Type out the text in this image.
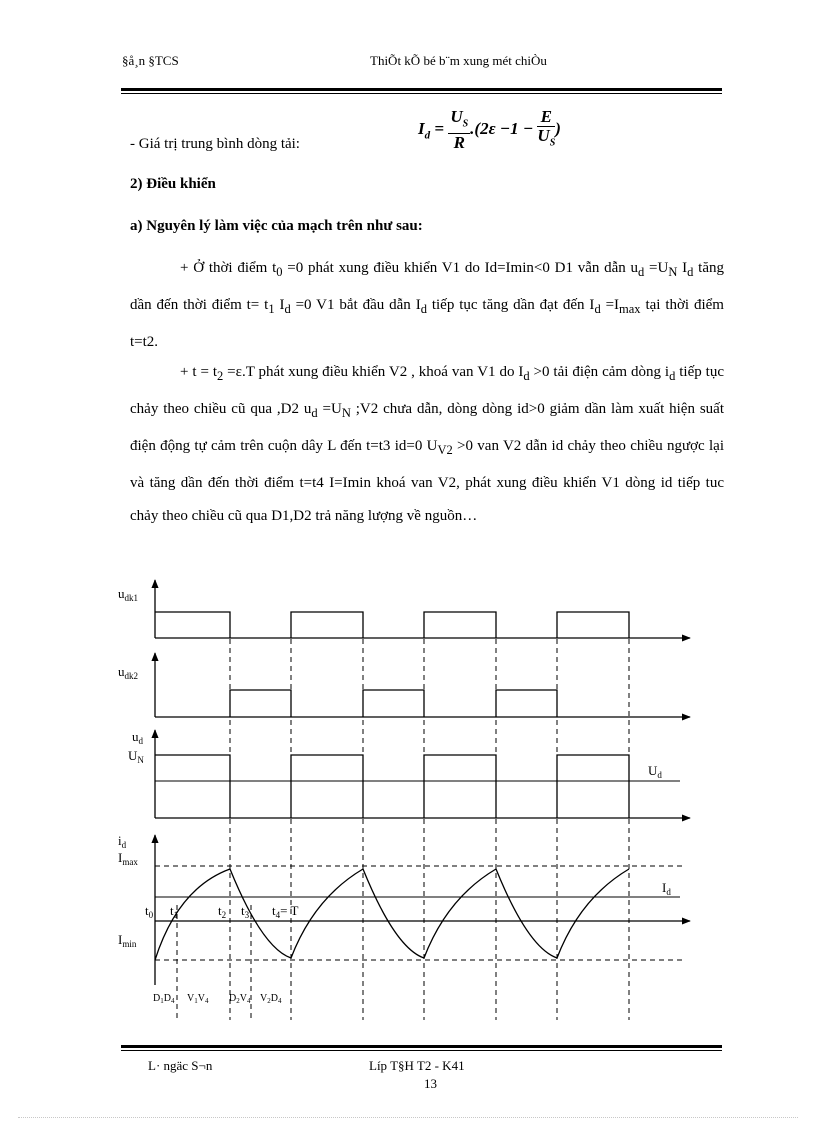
§å¸n §TCS	ThiÕt kÕ bé b¨m xung mét chiÒu
- Giá trị trung bình dòng tải:
$I_d = \frac{U_S}{R} .(2\varepsilon -1 - \frac{E}{U_S}$ )
2) Điều khiển
a) Nguyên lý làm việc của mạch trên như sau:
+ Ở thời điểm $t_0 =0$ phát xung điều khiển V1 do Id=Imin<0 D1 vẫn dẫn $u_d =U_N$ $I_d$ tăng dần đến thời điểm $t= t_1$ $I_d =0$ V1 bắt đầu dẫn $I_d$ tiếp tục tăng dần đạt đến $I_d =I_{max}$ tại thời điểm t=t2.
+ $t = t_2 =\varepsilon.T$ phát xung điều khiển V2 , khoá van V1 do $I_d >0$ tải điện cảm dòng $i_d$ tiếp tục chảy theo chiều cũ qua ,D2 $u_d =U_N$ ;V2 chưa dẫn, dòng dòng id>0 giảm dần làm xuất hiện suất điện động tự cảm trên cuộn dây L đến t=t3 id=0 $U_{V2} >0$ van V2 dẫn id chảy theo chiều ngược lại và tăng dần đến thời điểm t=t4 I=Imin khoá van V2, phát xung điều khiển V1 dòng id tiếp tuc chảy theo chiều cũ qua D1,D2 trả năng lượng về nguồn…
$u_{dk1}$
$u_{dk2}$
$u_d$
$U_N$
$U_d$
$i_d$
$I_{max}$
$I_{min}$
$I_d$
$t_0$ $t_1$	$t_2$ $t_3$ $t_4= T$
$D_1D_4$ $V_1V_4$ $D_2V_4$ $V_2D_4$
L· ngäc S¬n	Líp T§H T2 - K41
13
